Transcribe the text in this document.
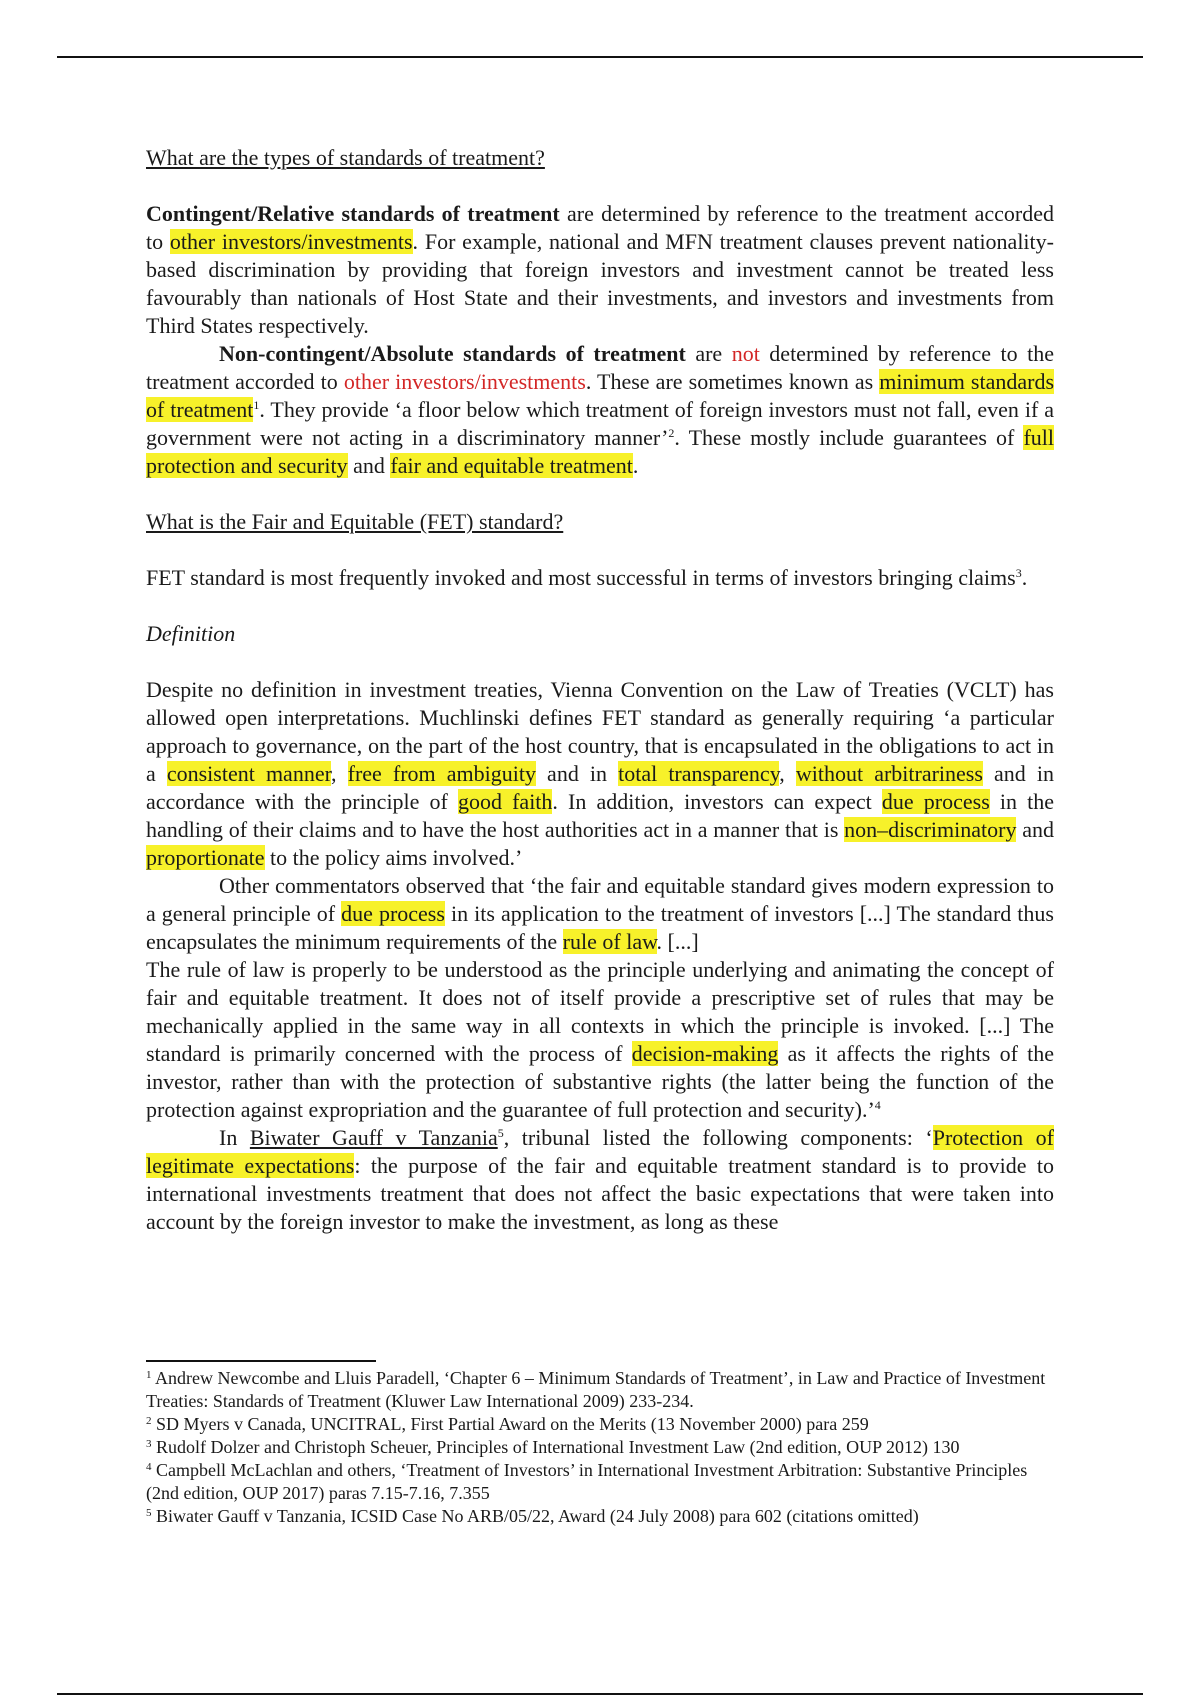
What are the types of standards of treatment?

Contingent/Relative standards of treatment are determined by reference to the treatment accorded to other investors/investments. For example, national and MFN treatment clauses prevent nationality-based discrimination by providing that foreign investors and investment cannot be treated less favourably than nationals of Host State and their investments, and investors and investments from Third States respectively.

Non-contingent/Absolute standards of treatment are not determined by reference to the treatment accorded to other investors/investments. These are sometimes known as minimum standards of treatment$^1$. They provide ‘a floor below which treatment of foreign investors must not fall, even if a government were not acting in a discriminatory manner’$^2$. These mostly include guarantees of full protection and security and fair and equitable treatment.

What is the Fair and Equitable (FET) standard?

FET standard is most frequently invoked and most successful in terms of investors bringing claims$^3$.

Definition

Despite no definition in investment treaties, Vienna Convention on the Law of Treaties (VCLT) has allowed open interpretations. Muchlinski defines FET standard as generally requiring ‘a particular approach to governance, on the part of the host country, that is encapsulated in the obligations to act in a consistent manner, free from ambiguity and in total transparency, without arbitrariness and in accordance with the principle of good faith. In addition, investors can expect due process in the handling of their claims and to have the host authorities act in a manner that is non–discriminatory and proportionate to the policy aims involved.’

Other commentators observed that ‘the fair and equitable standard gives modern expression to a general principle of due process in its application to the treatment of investors [...] The standard thus encapsulates the minimum requirements of the rule of law. [...]

The rule of law is properly to be understood as the principle underlying and animating the concept of fair and equitable treatment. It does not of itself provide a prescriptive set of rules that may be mechanically applied in the same way in all contexts in which the principle is invoked. [...] The standard is primarily concerned with the process of decision-making as it affects the rights of the investor, rather than with the protection of substantive rights (the latter being the function of the protection against expropriation and the guarantee of full protection and security).’$^4$

In Biwater Gauff v Tanzania$^5$, tribunal listed the following components: ‘Protection of legitimate expectations: the purpose of the fair and equitable treatment standard is to provide to international investments treatment that does not affect the basic expectations that were taken into account by the foreign investor to make the investment, as long as these

$^1$ Andrew Newcombe and Lluis Paradell, ‘Chapter 6 – Minimum Standards of Treatment’, in Law and Practice of Investment Treaties: Standards of Treatment (Kluwer Law International 2009) 233-234.

$^2$ SD Myers v Canada, UNCITRAL, First Partial Award on the Merits (13 November 2000) para 259

$^3$ Rudolf Dolzer and Christoph Scheuer, Principles of International Investment Law (2nd edition, OUP 2012) 130

$^4$ Campbell McLachlan and others, ‘Treatment of Investors’ in International Investment Arbitration: Substantive Principles (2nd edition, OUP 2017) paras 7.15-7.16, 7.355

$^5$ Biwater Gauff v Tanzania, ICSID Case No ARB/05/22, Award (24 July 2008) para 602 (citations omitted)
